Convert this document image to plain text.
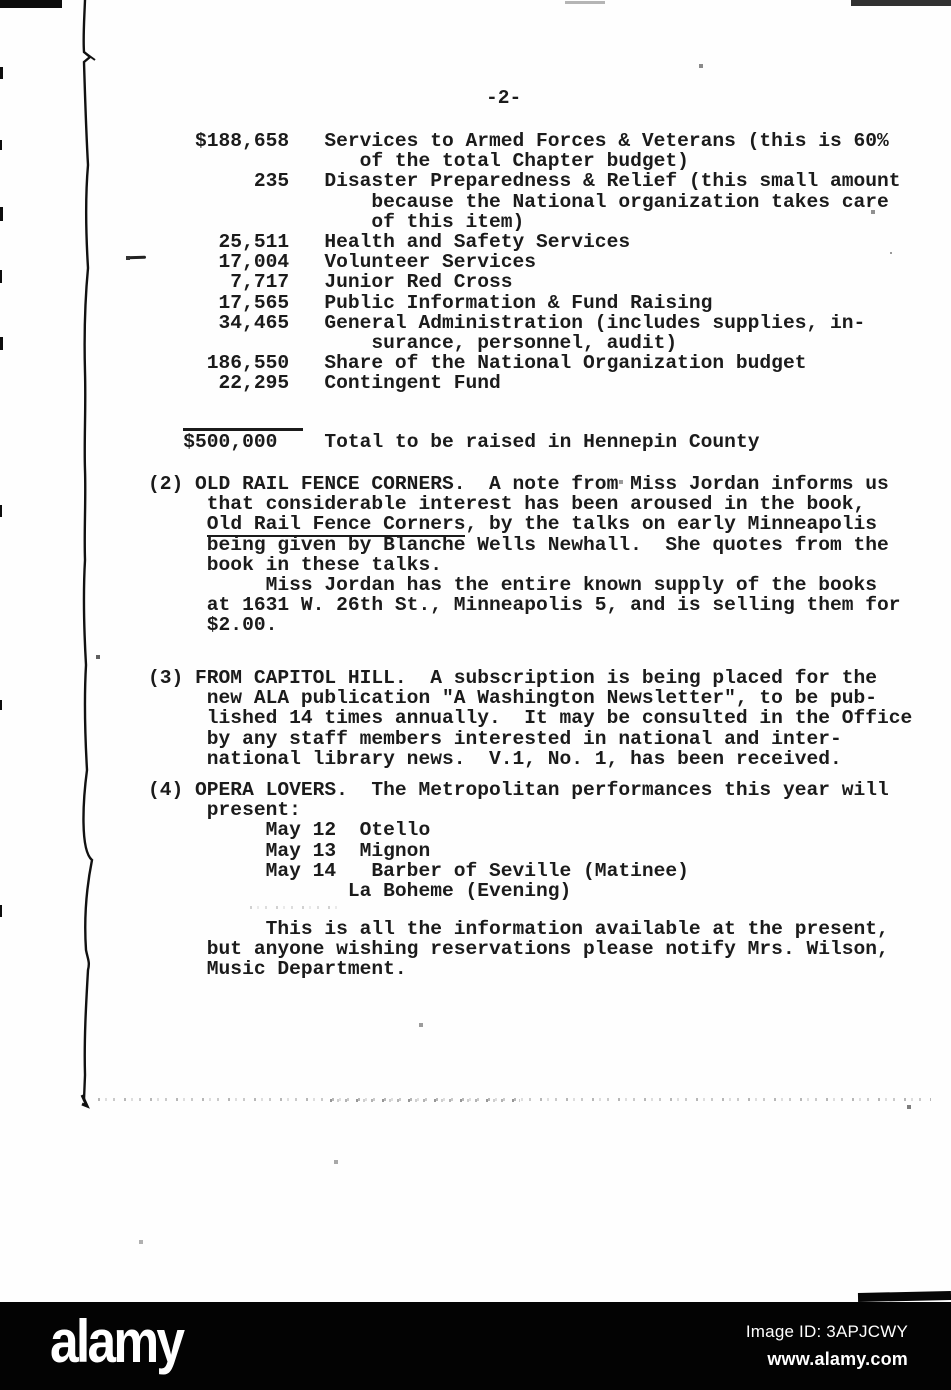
-2-
$188,658   Services to Armed Forces & Veterans (this is 60%
of the total Chapter budget)
235   Disaster Preparedness & Relief (this small amount
because the National organization takes care
of this item)
25,511   Health and Safety Services
17,004   Volunteer Services
7,717   Junior Red Cross
17,565   Public Information & Fund Raising
34,465   General Administration (includes supplies, in-
surance, personnel, audit)
186,550   Share of the National Organization budget
22,295   Contingent Fund
$500,000 Total to be raised in Hennepin County
(2) OLD RAIL FENCE CORNERS.  A note from Miss Jordan informs us
that considerable interest has been aroused in the book,
Old Rail Fence Corners, by the talks on early Minneapolis
being given by Blanche Wells Newhall.  She quotes from the
book in these talks.
Miss Jordan has the entire known supply of the books
at 1631 W. 26th St., Minneapolis 5, and is selling them for
$2.00.
(3) FROM CAPITOL HILL.  A subscription is being placed for the
new ALA publication "A Washington Newsletter", to be pub-
lished 14 times annually.  It may be consulted in the Office
by any staff members interested in national and inter-
national library news.  V.1, No. 1, has been received.
(4) OPERA LOVERS.  The Metropolitan performances this year will
present:
May 12  Otello
May 13  Mignon
May 14   Barber of Seville (Matinee)
La Boheme (Evening)
This is all the information available at the present,
but anyone wishing reservations please notify Mrs. Wilson,
Music Department.
alamy	Image ID: 3APJCWY
www.alamy.com
